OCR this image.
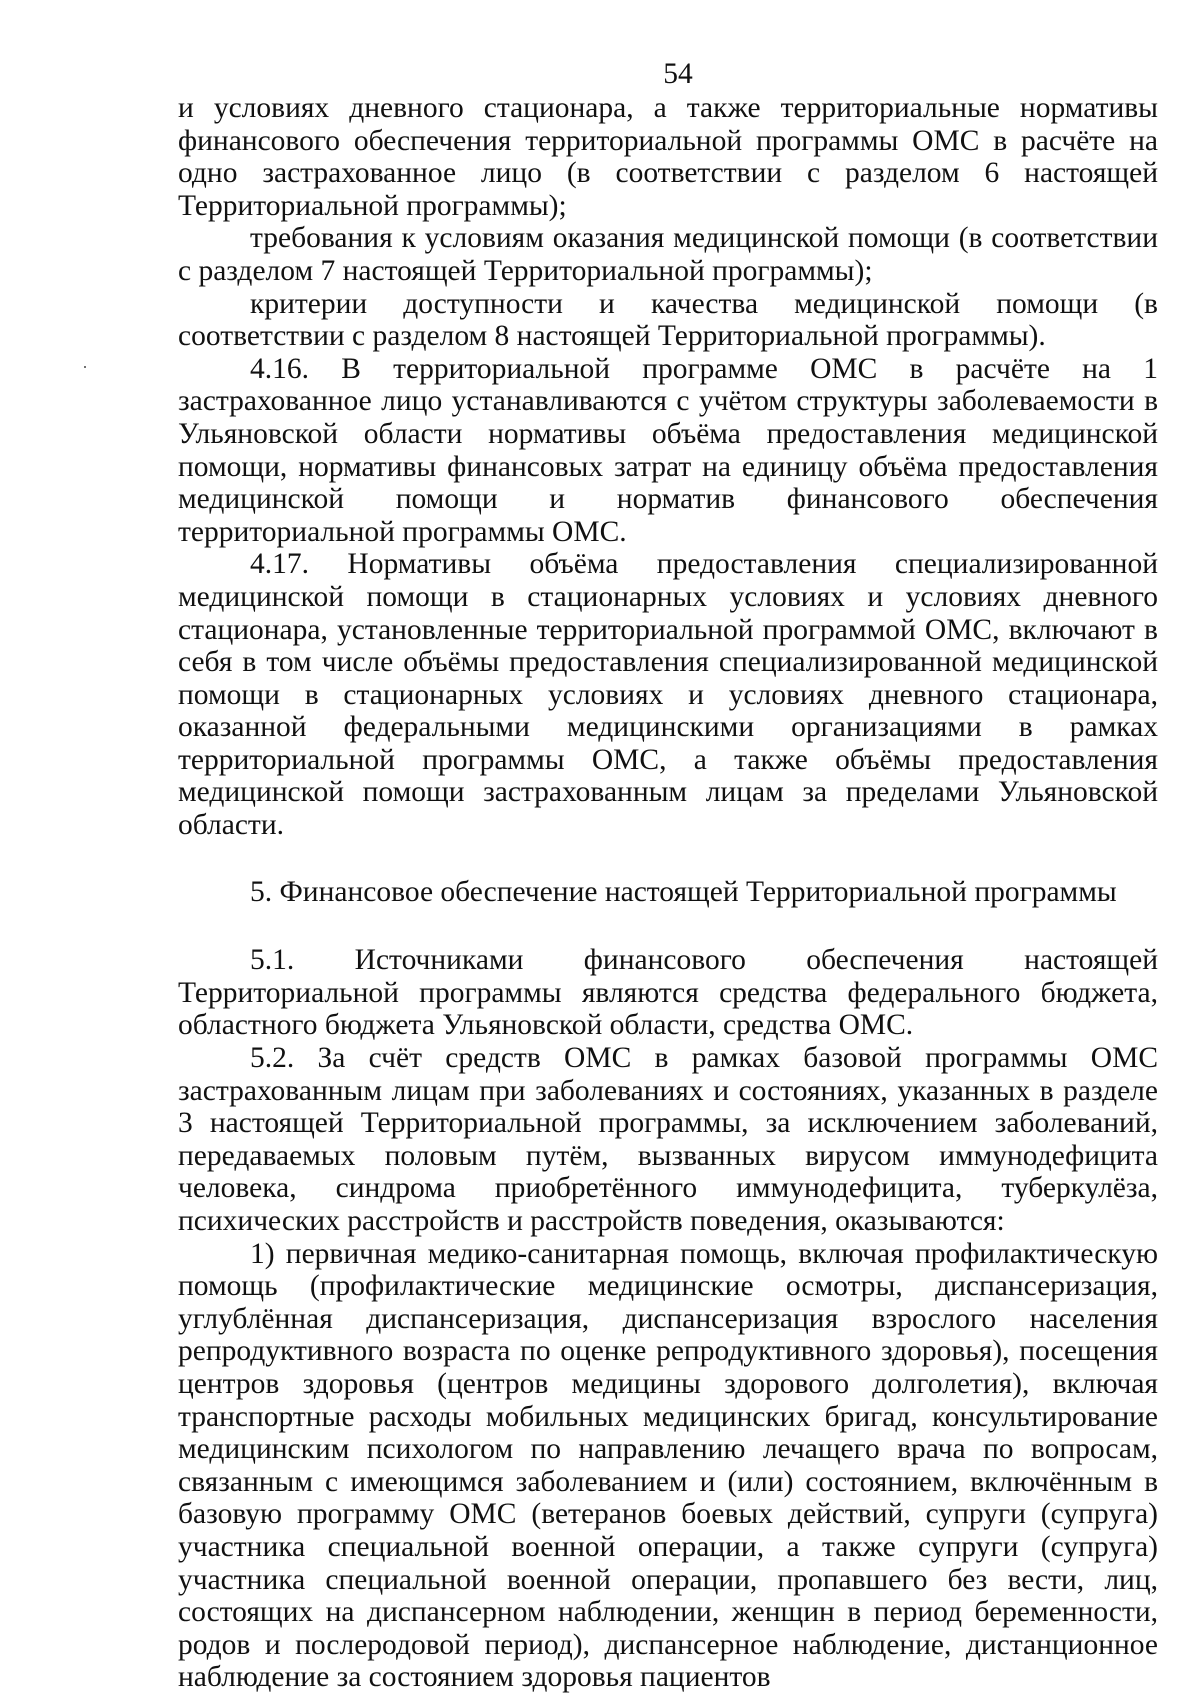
54

и условиях дневного стационара, а также территориальные нормативы финансового обеспечения территориальной программы ОМС в расчёте на одно застрахованное лицо (в соответствии с разделом 6 настоящей Территориальной программы);

требования к условиям оказания медицинской помощи (в соответствии с разделом 7 настоящей Территориальной программы);

критерии доступности и качества медицинской помощи (в соответствии с разделом 8 настоящей Территориальной программы).

4.16. В территориальной программе ОМС в расчёте на 1 застрахованное лицо устанавливаются с учётом структуры заболеваемости в Ульяновской области нормативы объёма предоставления медицинской помощи, нормативы финансовых затрат на единицу объёма предоставления медицинской помощи и норматив финансового обеспечения территориальной программы ОМС.

4.17. Нормативы объёма предоставления специализированной медицинской помощи в стационарных условиях и условиях дневного стационара, установленные территориальной программой ОМС, включают в себя в том числе объёмы предоставления специализированной медицинской помощи в стационарных условиях и условиях дневного стационара, оказанной федеральными медицинскими организациями в рамках территориальной программы ОМС, а также объёмы предоставления медицинской помощи застрахованным лицам за пределами Ульяновской области.

5. Финансовое обеспечение настоящей Территориальной программы

5.1. Источниками финансового обеспечения настоящей Территориальной программы являются средства федерального бюджета, областного бюджета Ульяновской области, средства ОМС.

5.2. За счёт средств ОМС в рамках базовой программы ОМС застрахованным лицам при заболеваниях и состояниях, указанных в разделе 3 настоящей Территориальной программы, за исключением заболеваний, передаваемых половым путём, вызванных вирусом иммунодефицита человека, синдрома приобретённого иммунодефицита, туберкулёза, психических расстройств и расстройств поведения, оказываются:

1) первичная медико-санитарная помощь, включая профилактическую помощь (профилактические медицинские осмотры, диспансеризация, углублённая диспансеризация, диспансеризация взрослого населения репродуктивного возраста по оценке репродуктивного здоровья), посещения центров здоровья (центров медицины здорового долголетия), включая транспортные расходы мобильных медицинских бригад, консультирование медицинским психологом по направлению лечащего врача по вопросам, связанным с имеющимся заболеванием и (или) состоянием, включённым в базовую программу ОМС (ветеранов боевых действий, супруги (супруга) участника специальной военной операции, а также супруги (супруга) участника специальной военной операции, пропавшего без вести, лиц, состоящих на диспансерном наблюдении, женщин в период беременности, родов и послеродовой период), диспансерное наблюдение, дистанционное наблюдение за состоянием здоровья пациентов
